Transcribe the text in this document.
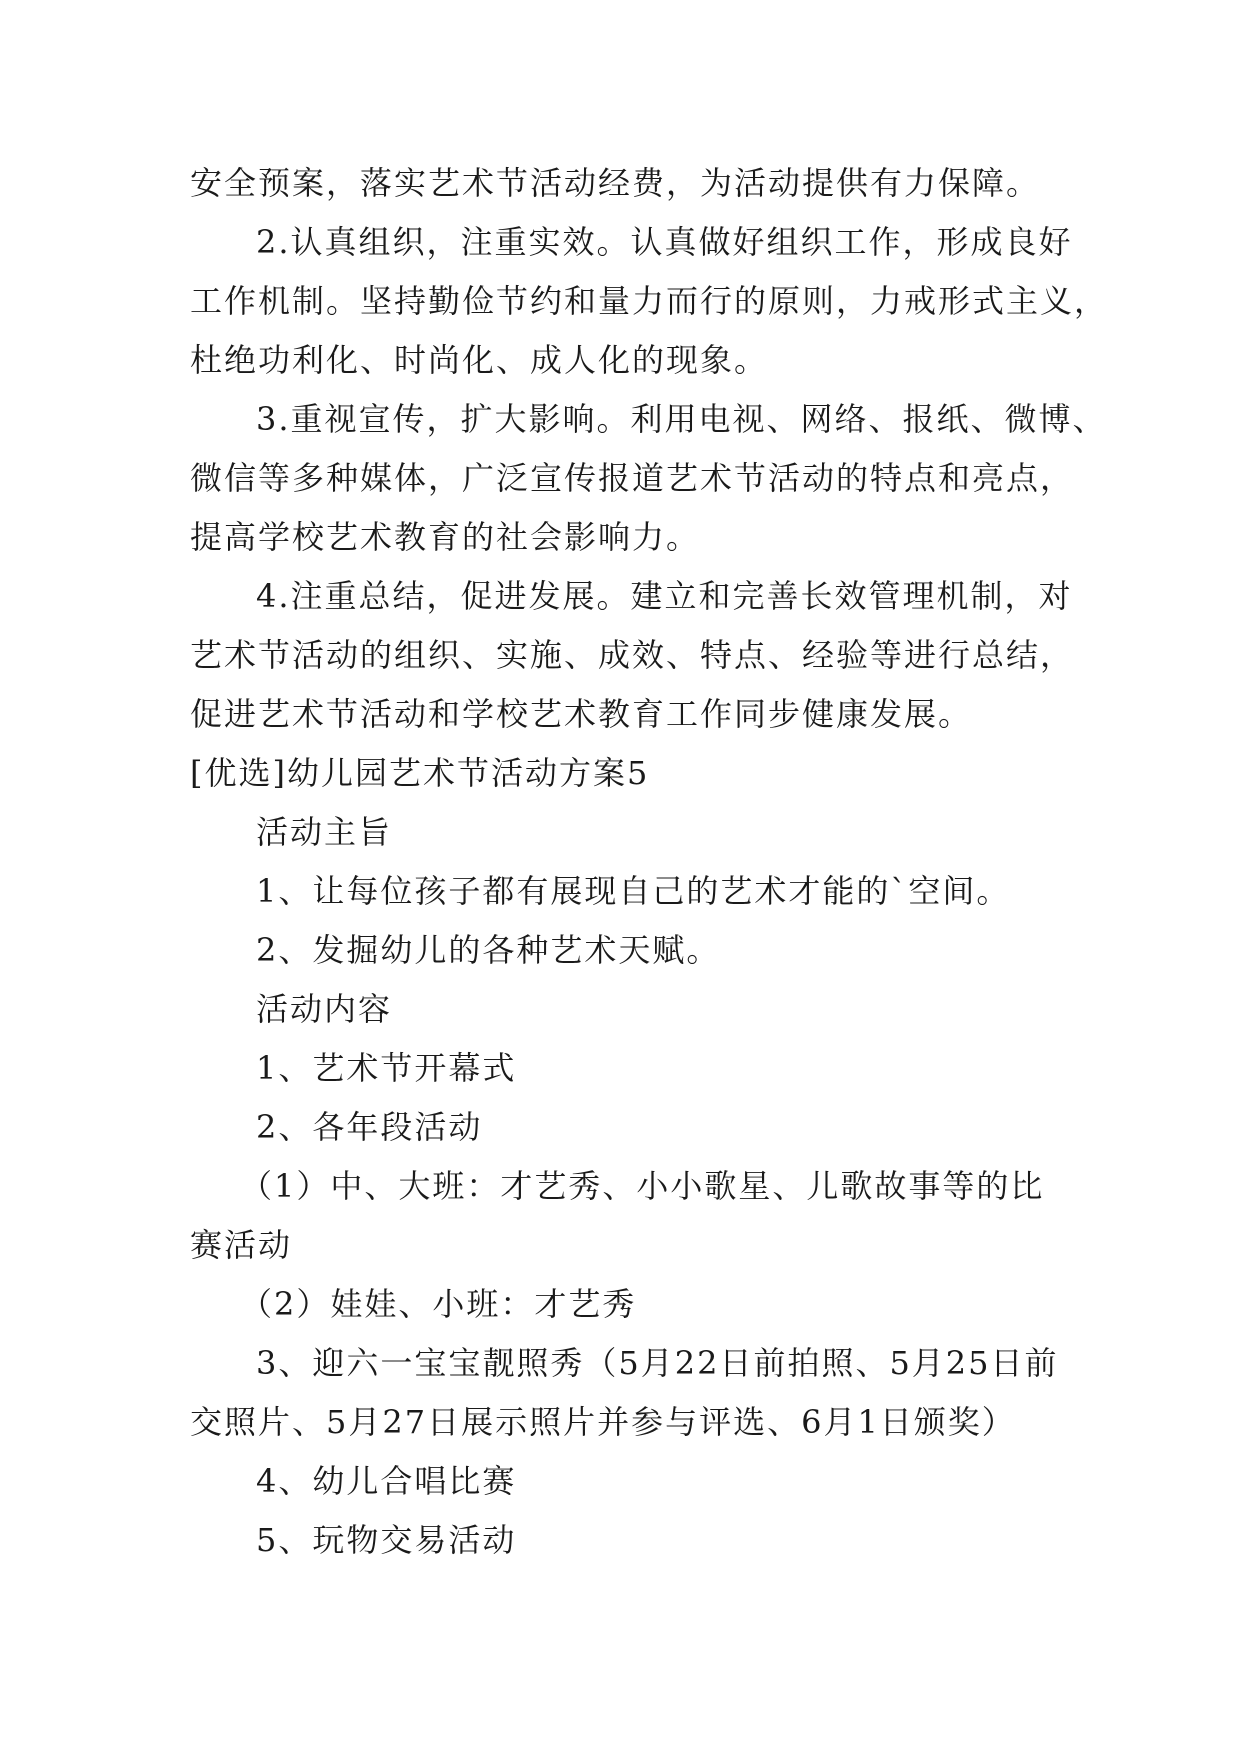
安全预案，落实艺术节活动经费，为活动提供有力保障。
2.认真组织，注重实效。认真做好组织工作，形成良好
工作机制。坚持勤俭节约和量力而行的原则，力戒形式主义，
杜绝功利化、时尚化、成人化的现象。
3.重视宣传，扩大影响。利用电视、网络、报纸、微博、
微信等多种媒体，广泛宣传报道艺术节活动的特点和亮点，
提高学校艺术教育的社会影响力。
4.注重总结，促进发展。建立和完善长效管理机制，对
艺术节活动的组织、实施、成效、特点、经验等进行总结，
促进艺术节活动和学校艺术教育工作同步健康发展。
[优选]幼儿园艺术节活动方案5
活动主旨
1、让每位孩子都有展现自己的艺术才能的`空间。
2、发掘幼儿的各种艺术天赋。
活动内容
1、艺术节开幕式
2、各年段活动
（1）中、大班：才艺秀、小小歌星、儿歌故事等的比
赛活动
（2）娃娃、小班：才艺秀
3、迎六一宝宝靓照秀（5月22日前拍照、5月25日前
交照片、5月27日展示照片并参与评选、6月1日颁奖）
4、幼儿合唱比赛
5、玩物交易活动
